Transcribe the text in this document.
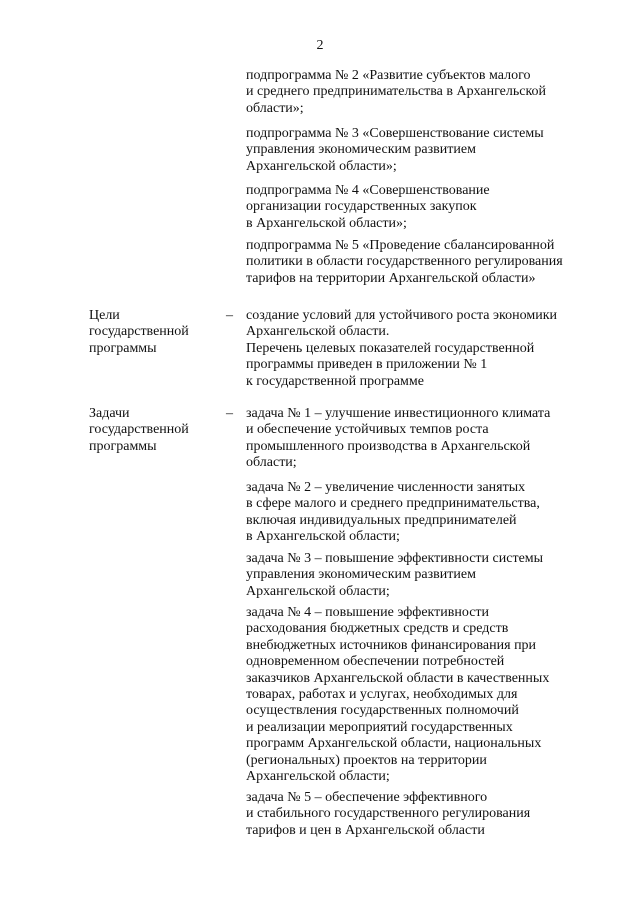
2
подпрограмма № 2 «Развитие субъектов малого
и среднего предпринимательства в Архангельской
области»;
подпрограмма № 3 «Совершенствование системы
управления экономическим развитием
Архангельской области»;
подпрограмма № 4 «Совершенствование
организации государственных закупок
в Архангельской области»;
подпрограмма № 5 «Проведение сбалансированной
политики в области государственного регулирования
тарифов на территории Архангельской области»
Цели
государственной
программы
– создание условий для устойчивого роста экономики
Архангельской области.
Перечень целевых показателей государственной
программы приведен в приложении № 1
к государственной программе
Задачи
государственной
программы
– задача № 1 – улучшение инвестиционного климата
и обеспечение устойчивых темпов роста
промышленного производства в Архангельской
области;
задача № 2 – увеличение численности занятых
в сфере малого и среднего предпринимательства,
включая индивидуальных предпринимателей
в Архангельской области;
задача № 3 – повышение эффективности системы
управления экономическим развитием
Архангельской области;
задача № 4 – повышение эффективности
расходования бюджетных средств и средств
внебюджетных источников финансирования при
одновременном обеспечении потребностей
заказчиков Архангельской области в качественных
товарах, работах и услугах, необходимых для
осуществления государственных полномочий
и реализации мероприятий государственных
программ Архангельской области, национальных
(региональных) проектов на территории
Архангельской области;
задача № 5 – обеспечение эффективного
и стабильного государственного регулирования
тарифов и цен в Архангельской области
